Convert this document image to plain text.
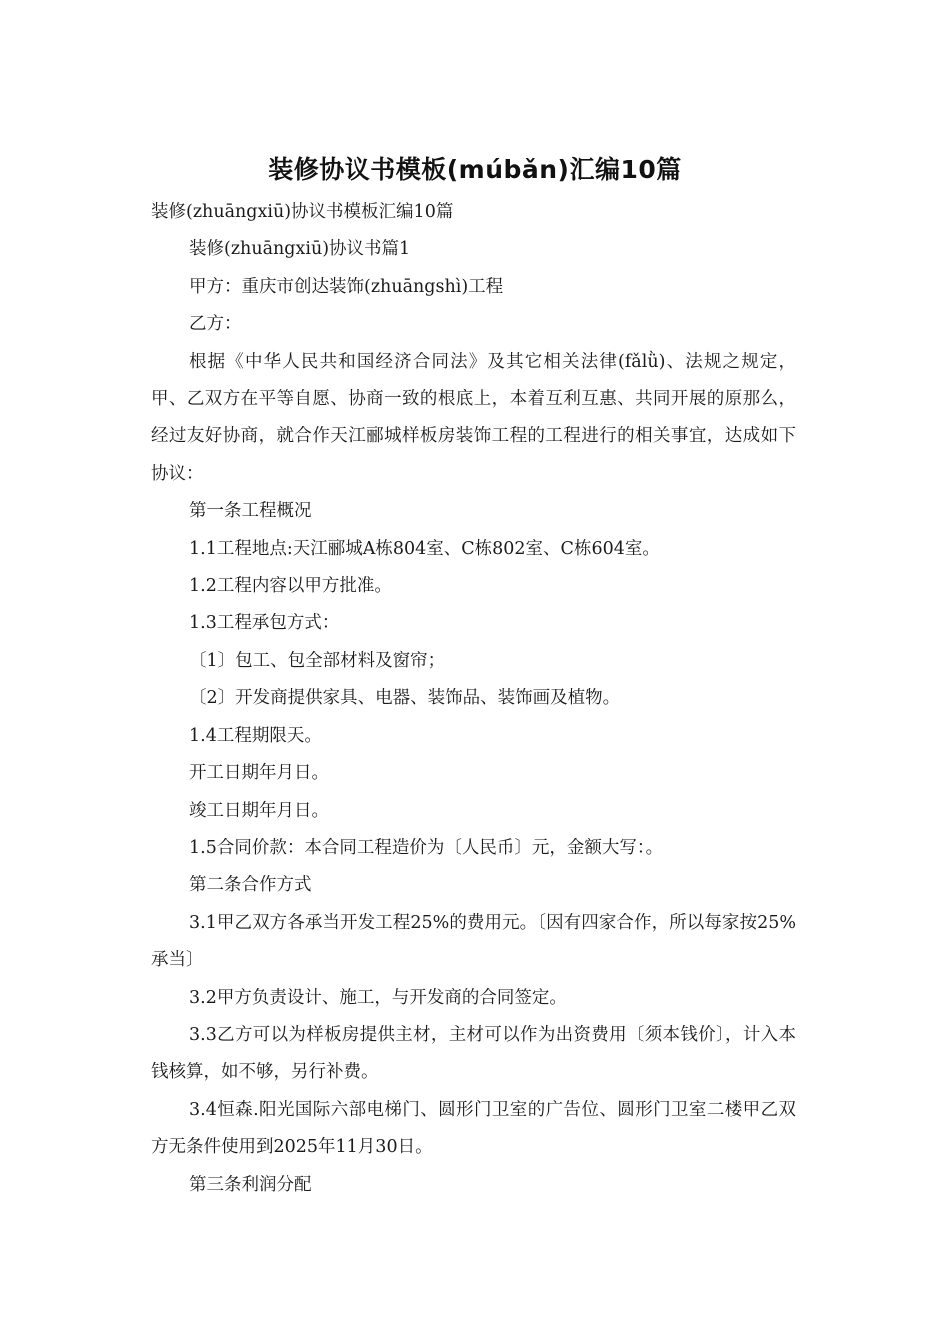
装修协议书模板(múbǎn)汇编10篇

装修(zhuāngxiū)协议书模板汇编10篇

装修(zhuāngxiū)协议书篇1

甲方：重庆市创达装饰(zhuāngshì)工程

乙方：

根据《中华人民共和国经济合同法》及其它相关法律(fǎlǜ)、法规之规定，甲、乙双方在平等自愿、协商一致的根底上，本着互利互惠、共同开展的原那么，经过友好协商，就合作天江郦城样板房装饰工程的工程进行的相关事宜，达成如下协议：

第一条工程概况

1.1工程地点:天江郦城A栋804室、C栋802室、C栋604室。

1.2工程内容以甲方批准。

1.3工程承包方式：

〔1〕包工、包全部材料及窗帘；

〔2〕开发商提供家具、电器、装饰品、装饰画及植物。

1.4工程期限天。

开工日期年月日。

竣工日期年月日。

1.5合同价款：本合同工程造价为〔人民币〕元，金额大写：。

第二条合作方式

3.1甲乙双方各承当开发工程25%的费用元。〔因有四家合作，所以每家按25%承当〕

3.2甲方负责设计、施工，与开发商的合同签定。

3.3乙方可以为样板房提供主材，主材可以作为出资费用〔须本钱价〕，计入本钱核算，如不够，另行补费。

3.4恒森.阳光国际六部电梯门、圆形门卫室的广告位、圆形门卫室二楼甲乙双方无条件使用到2025年11月30日。

第三条利润分配
